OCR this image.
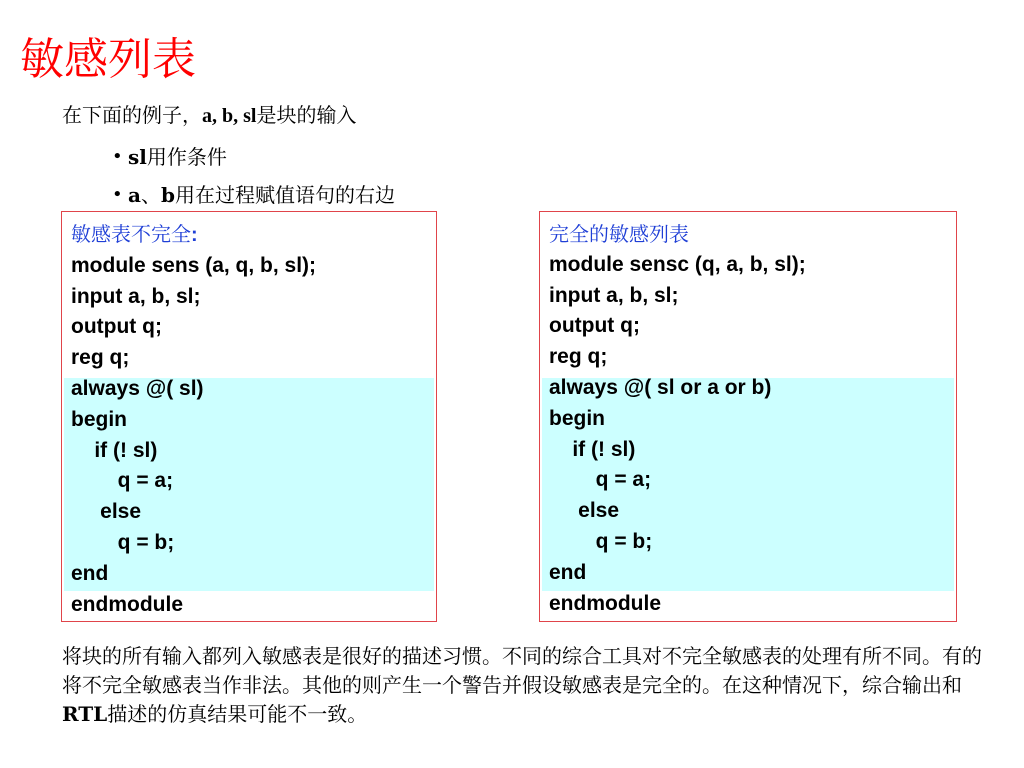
敏感列表
在下面的例子，a, b, sl是块的输入
• sl 用作条件
• a 、 b 用在过程赋值语句的右边
敏感表不完全:
module sens (a, q, b, sl);
input a, b, sl;
output q;
reg q;
always @( sl)
begin
if (! sl)
q = a;
else
q = b;
end
endmodule
完全的敏感列表
module sensc (q, a, b, sl);
input a, b, sl;
output q;
reg q;
always @( sl or a or b)
begin
if (! sl)
q = a;
else
q = b;
end
endmodule
将块的所有输入都列入敏感表是很好的描述习惯。不同的综合工具对不完全敏感表的处理有所不同。有的将不完全敏感表当作非法。其他的则产生一个警告并假设敏感表是完全的。在这种情况下，综合输出和RTL描述的仿真结果可能不一致。
